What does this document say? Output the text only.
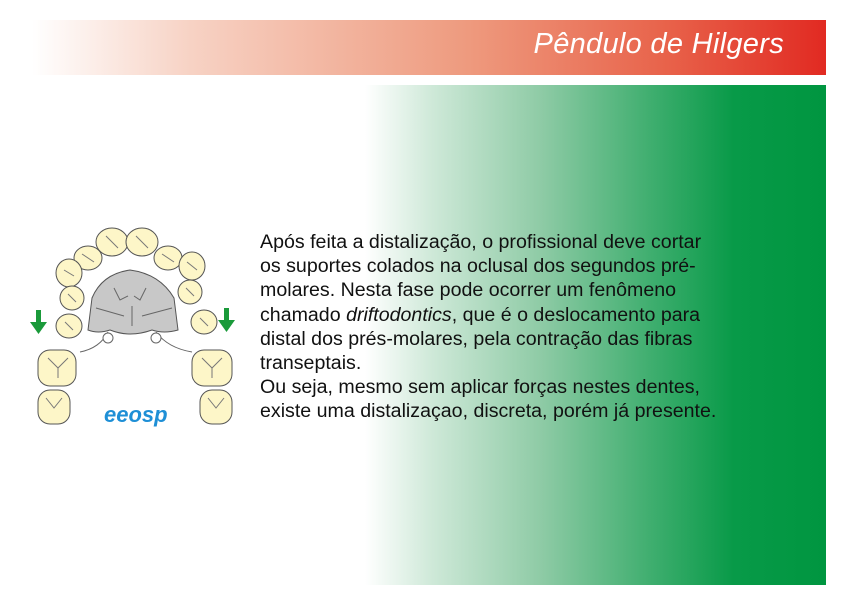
Pêndulo de Hilgers
eeosp
Após feita a distalização, o profissional deve cortar
os suportes colados na oclusal dos segundos pré-
molares. Nesta fase pode ocorrer um fenômeno
chamado driftodontics, que é o deslocamento para
distal dos prés-molares, pela contração das fibras
transeptais.
Ou seja, mesmo sem aplicar forças nestes dentes,
existe uma distalizaçao, discreta, porém já presente.
